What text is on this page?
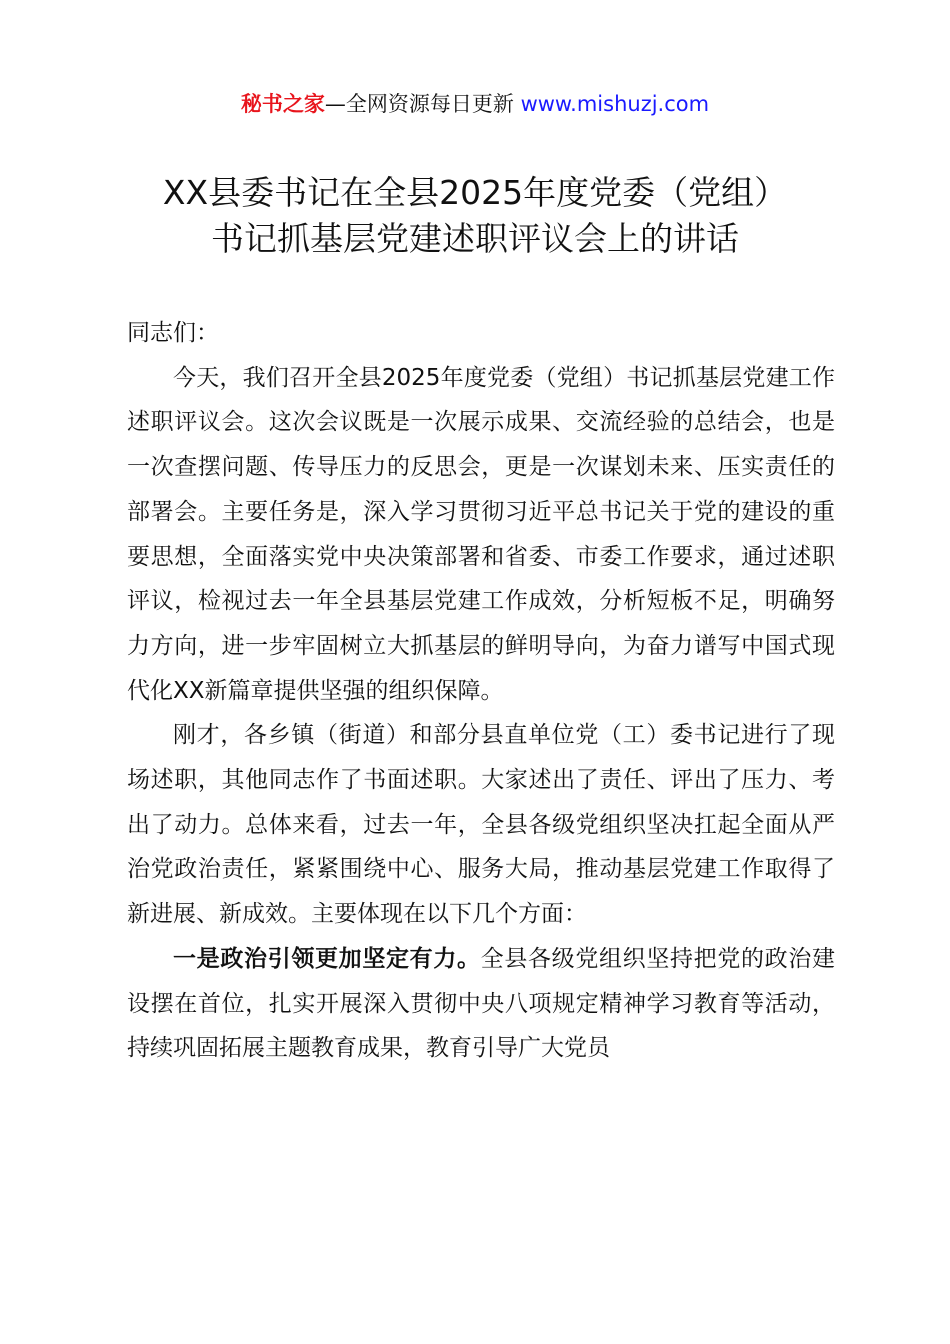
秘书之家—全网资源每日更新 www.mishuzj.com
XX县委书记在全县2025年度党委（党组）
书记抓基层党建述职评议会上的讲话

同志们：

今天，我们召开全县2025年度党委（党组）书记抓基层党建工作述职评议会。这次会议既是一次展示成果、交流经验的总结会，也是一次查摆问题、传导压力的反思会，更是一次谋划未来、压实责任的部署会。主要任务是，深入学习贯彻习近平总书记关于党的建设的重要思想，全面落实党中央决策部署和省委、市委工作要求，通过述职评议，检视过去一年全县基层党建工作成效，分析短板不足，明确努力方向，进一步牢固树立大抓基层的鲜明导向，为奋力谱写中国式现代化XX新篇章提供坚强的组织保障。

刚才，各乡镇（街道）和部分县直单位党（工）委书记进行了现场述职，其他同志作了书面述职。大家述出了责任、评出了压力、考出了动力。总体来看，过去一年，全县各级党组织坚决扛起全面从严治党政治责任，紧紧围绕中心、服务大局，推动基层党建工作取得了新进展、新成效。主要体现在以下几个方面：

一是政治引领更加坚定有力。全县各级党组织坚持把党的政治建设摆在首位，扎实开展深入贯彻中央八项规定精神学习教育等活动，持续巩固拓展主题教育成果，教育引导广大党员
